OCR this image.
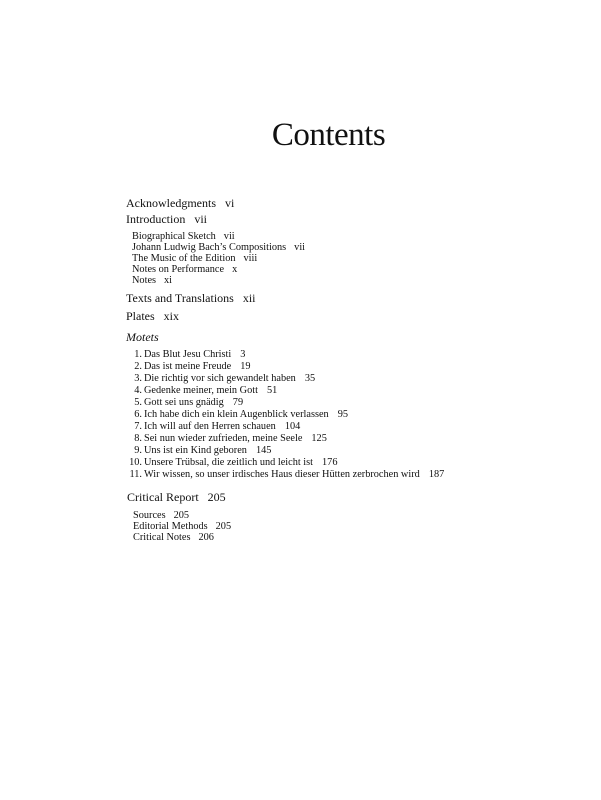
Contents
Acknowledgments vi
Introduction vii
Biographical Sketch vii
Johann Ludwig Bach’s Compositions vii
The Music of the Edition viii
Notes on Performance x
Notes xi
Texts and Translations xii
Plates xix
Motets
1. Das Blut Jesu Christi 3
2. Das ist meine Freude 19
3. Die richtig vor sich gewandelt haben 35
4. Gedenke meiner, mein Gott 51
5. Gott sei uns gnädig 79
6. Ich habe dich ein klein Augenblick verlassen 95
7. Ich will auf den Herren schauen 104
8. Sei nun wieder zufrieden, meine Seele 125
9. Uns ist ein Kind geboren 145
10. Unsere Trübsal, die zeitlich und leicht ist 176
11. Wir wissen, so unser irdisches Haus dieser Hütten zerbrochen wird 187
Critical Report 205
Sources 205
Editorial Methods 205
Critical Notes 206
